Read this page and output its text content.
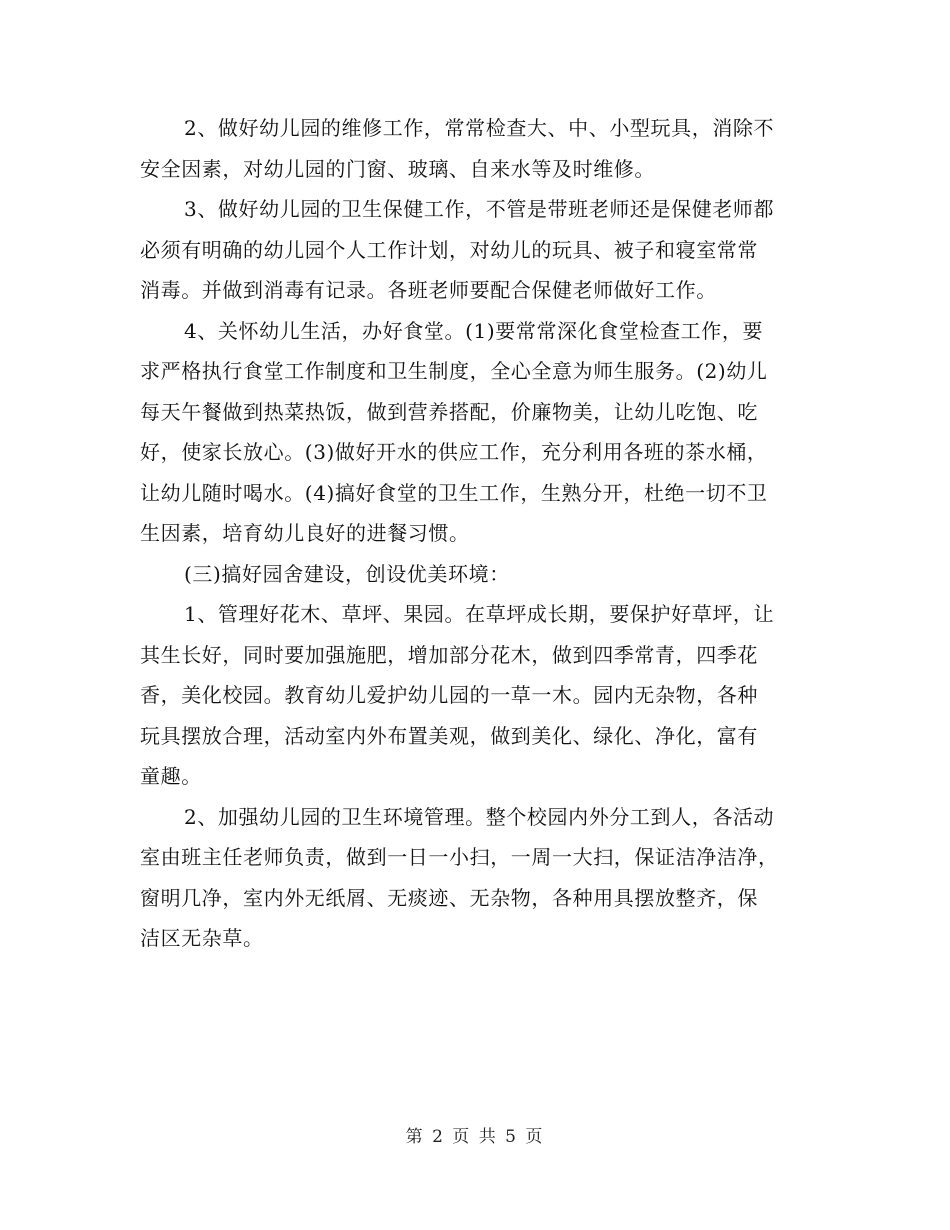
2、做好幼儿园的维修工作，常常检查大、中、小型玩具，消除不
安全因素，对幼儿园的门窗、玻璃、自来水等及时维修。
3、做好幼儿园的卫生保健工作，不管是带班老师还是保健老师都
必须有明确的幼儿园个人工作计划，对幼儿的玩具、被子和寝室常常
消毒。并做到消毒有记录。各班老师要配合保健老师做好工作。
4、关怀幼儿生活，办好食堂。(1)要常常深化食堂检查工作，要
求严格执行食堂工作制度和卫生制度，全心全意为师生服务。(2)幼儿
每天午餐做到热菜热饭，做到营养搭配，价廉物美，让幼儿吃饱、吃
好，使家长放心。(3)做好开水的供应工作，充分利用各班的茶水桶，
让幼儿随时喝水。(4)搞好食堂的卫生工作，生熟分开，杜绝一切不卫
生因素，培育幼儿良好的进餐习惯。
(三)搞好园舍建设，创设优美环境：
1、管理好花木、草坪、果园。在草坪成长期，要保护好草坪，让
其生长好，同时要加强施肥，增加部分花木，做到四季常青，四季花
香，美化校园。教育幼儿爱护幼儿园的一草一木。园内无杂物，各种
玩具摆放合理，活动室内外布置美观，做到美化、绿化、净化，富有
童趣。
2、加强幼儿园的卫生环境管理。整个校园内外分工到人，各活动
室由班主任老师负责，做到一日一小扫，一周一大扫，保证洁净洁净，
窗明几净，室内外无纸屑、无痰迹、无杂物，各种用具摆放整齐，保
洁区无杂草。
第 2 页 共 5 页
